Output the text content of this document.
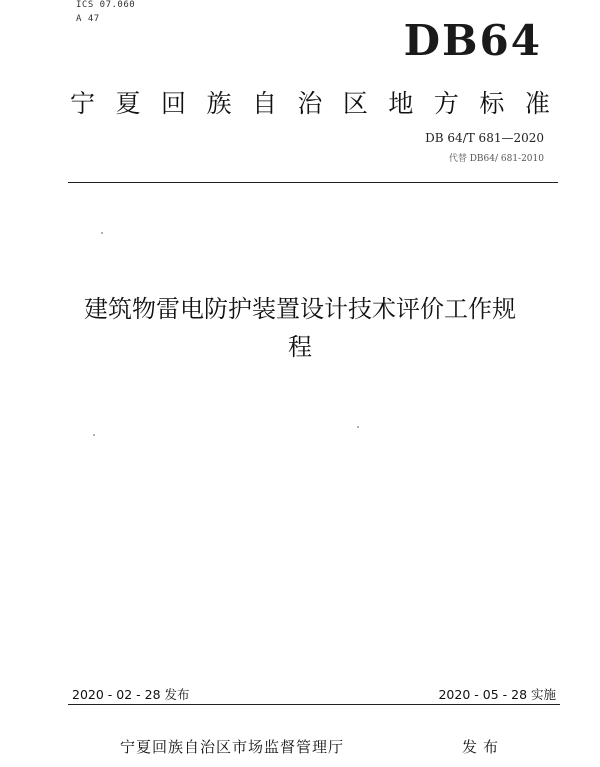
ICS 07.060
A 47	DB64
宁 夏 回 族 自 治 区 地 方 标 准
DB 64/T 681—2020
代替 DB64/ 681-2010
建筑物雷电防护装置设计技术评价工作规
程
2020 - 02 - 28 发布	2020 - 05 - 28 实施
宁夏回族自治区市场监督管理厅	发布
